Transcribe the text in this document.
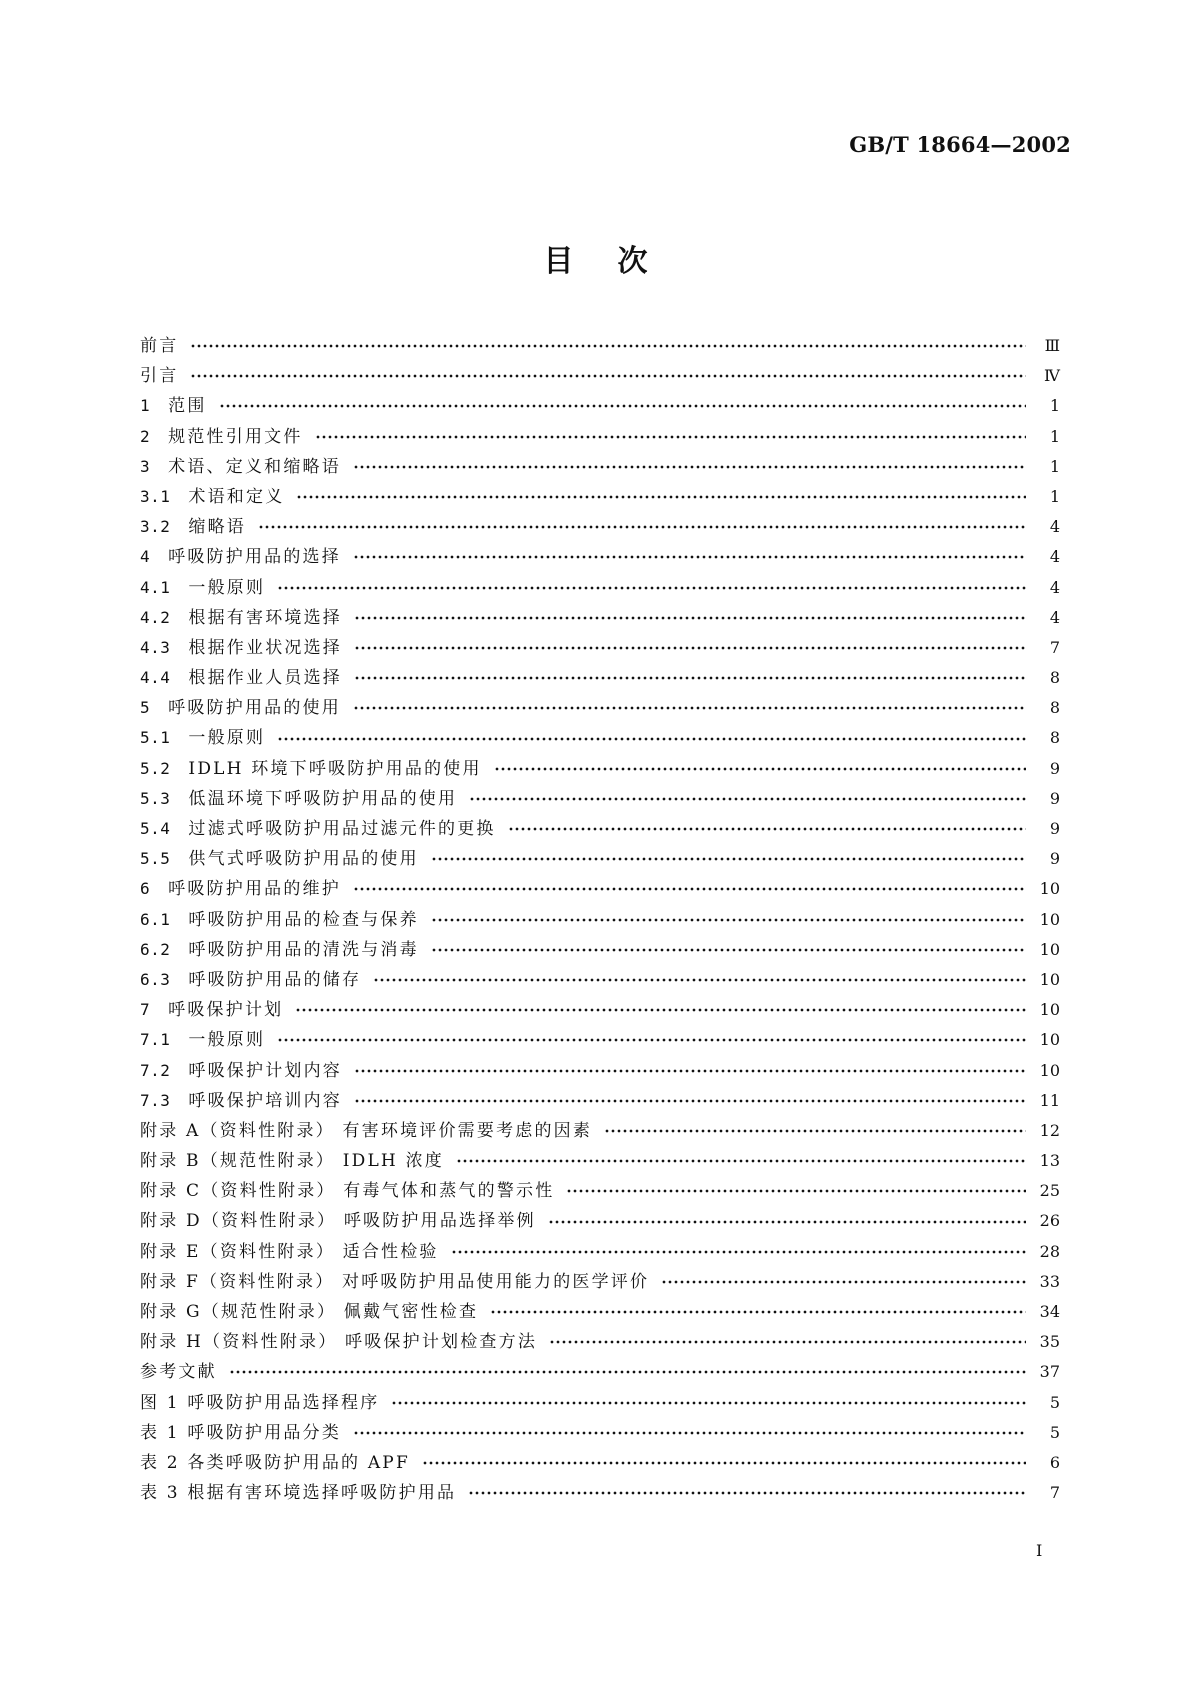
GB/T 18664—2002
目次
前言	Ⅲ
引言	Ⅳ
1 范围	1
2 规范性引用文件	1
3 术语、定义和缩略语	1
3.1 术语和定义	1
3.2 缩略语	4
4 呼吸防护用品的选择	4
4.1 一般原则	4
4.2 根据有害环境选择	4
4.3 根据作业状况选择	7
4.4 根据作业人员选择	8
5 呼吸防护用品的使用	8
5.1 一般原则	8
5.2 IDLH 环境下呼吸防护用品的使用	9
5.3 低温环境下呼吸防护用品的使用	9
5.4 过滤式呼吸防护用品过滤元件的更换	9
5.5 供气式呼吸防护用品的使用	9
6 呼吸防护用品的维护	10
6.1 呼吸防护用品的检查与保养	10
6.2 呼吸防护用品的清洗与消毒	10
6.3 呼吸防护用品的储存	10
7 呼吸保护计划	10
7.1 一般原则	10
7.2 呼吸保护计划内容	10
7.3 呼吸保护培训内容	11
附录 A（资料性附录） 有害环境评价需要考虑的因素	12
附录 B（规范性附录） IDLH 浓度	13
附录 C（资料性附录） 有毒气体和蒸气的警示性	25
附录 D（资料性附录） 呼吸防护用品选择举例	26
附录 E（资料性附录） 适合性检验	28
附录 F（资料性附录） 对呼吸防护用品使用能力的医学评价	33
附录 G（规范性附录） 佩戴气密性检查	34
附录 H（资料性附录） 呼吸保护计划检查方法	35
参考文献	37
图 1 呼吸防护用品选择程序	5
表 1 呼吸防护用品分类	5
表 2 各类呼吸防护用品的 APF	6
表 3 根据有害环境选择呼吸防护用品	7
Ⅰ
